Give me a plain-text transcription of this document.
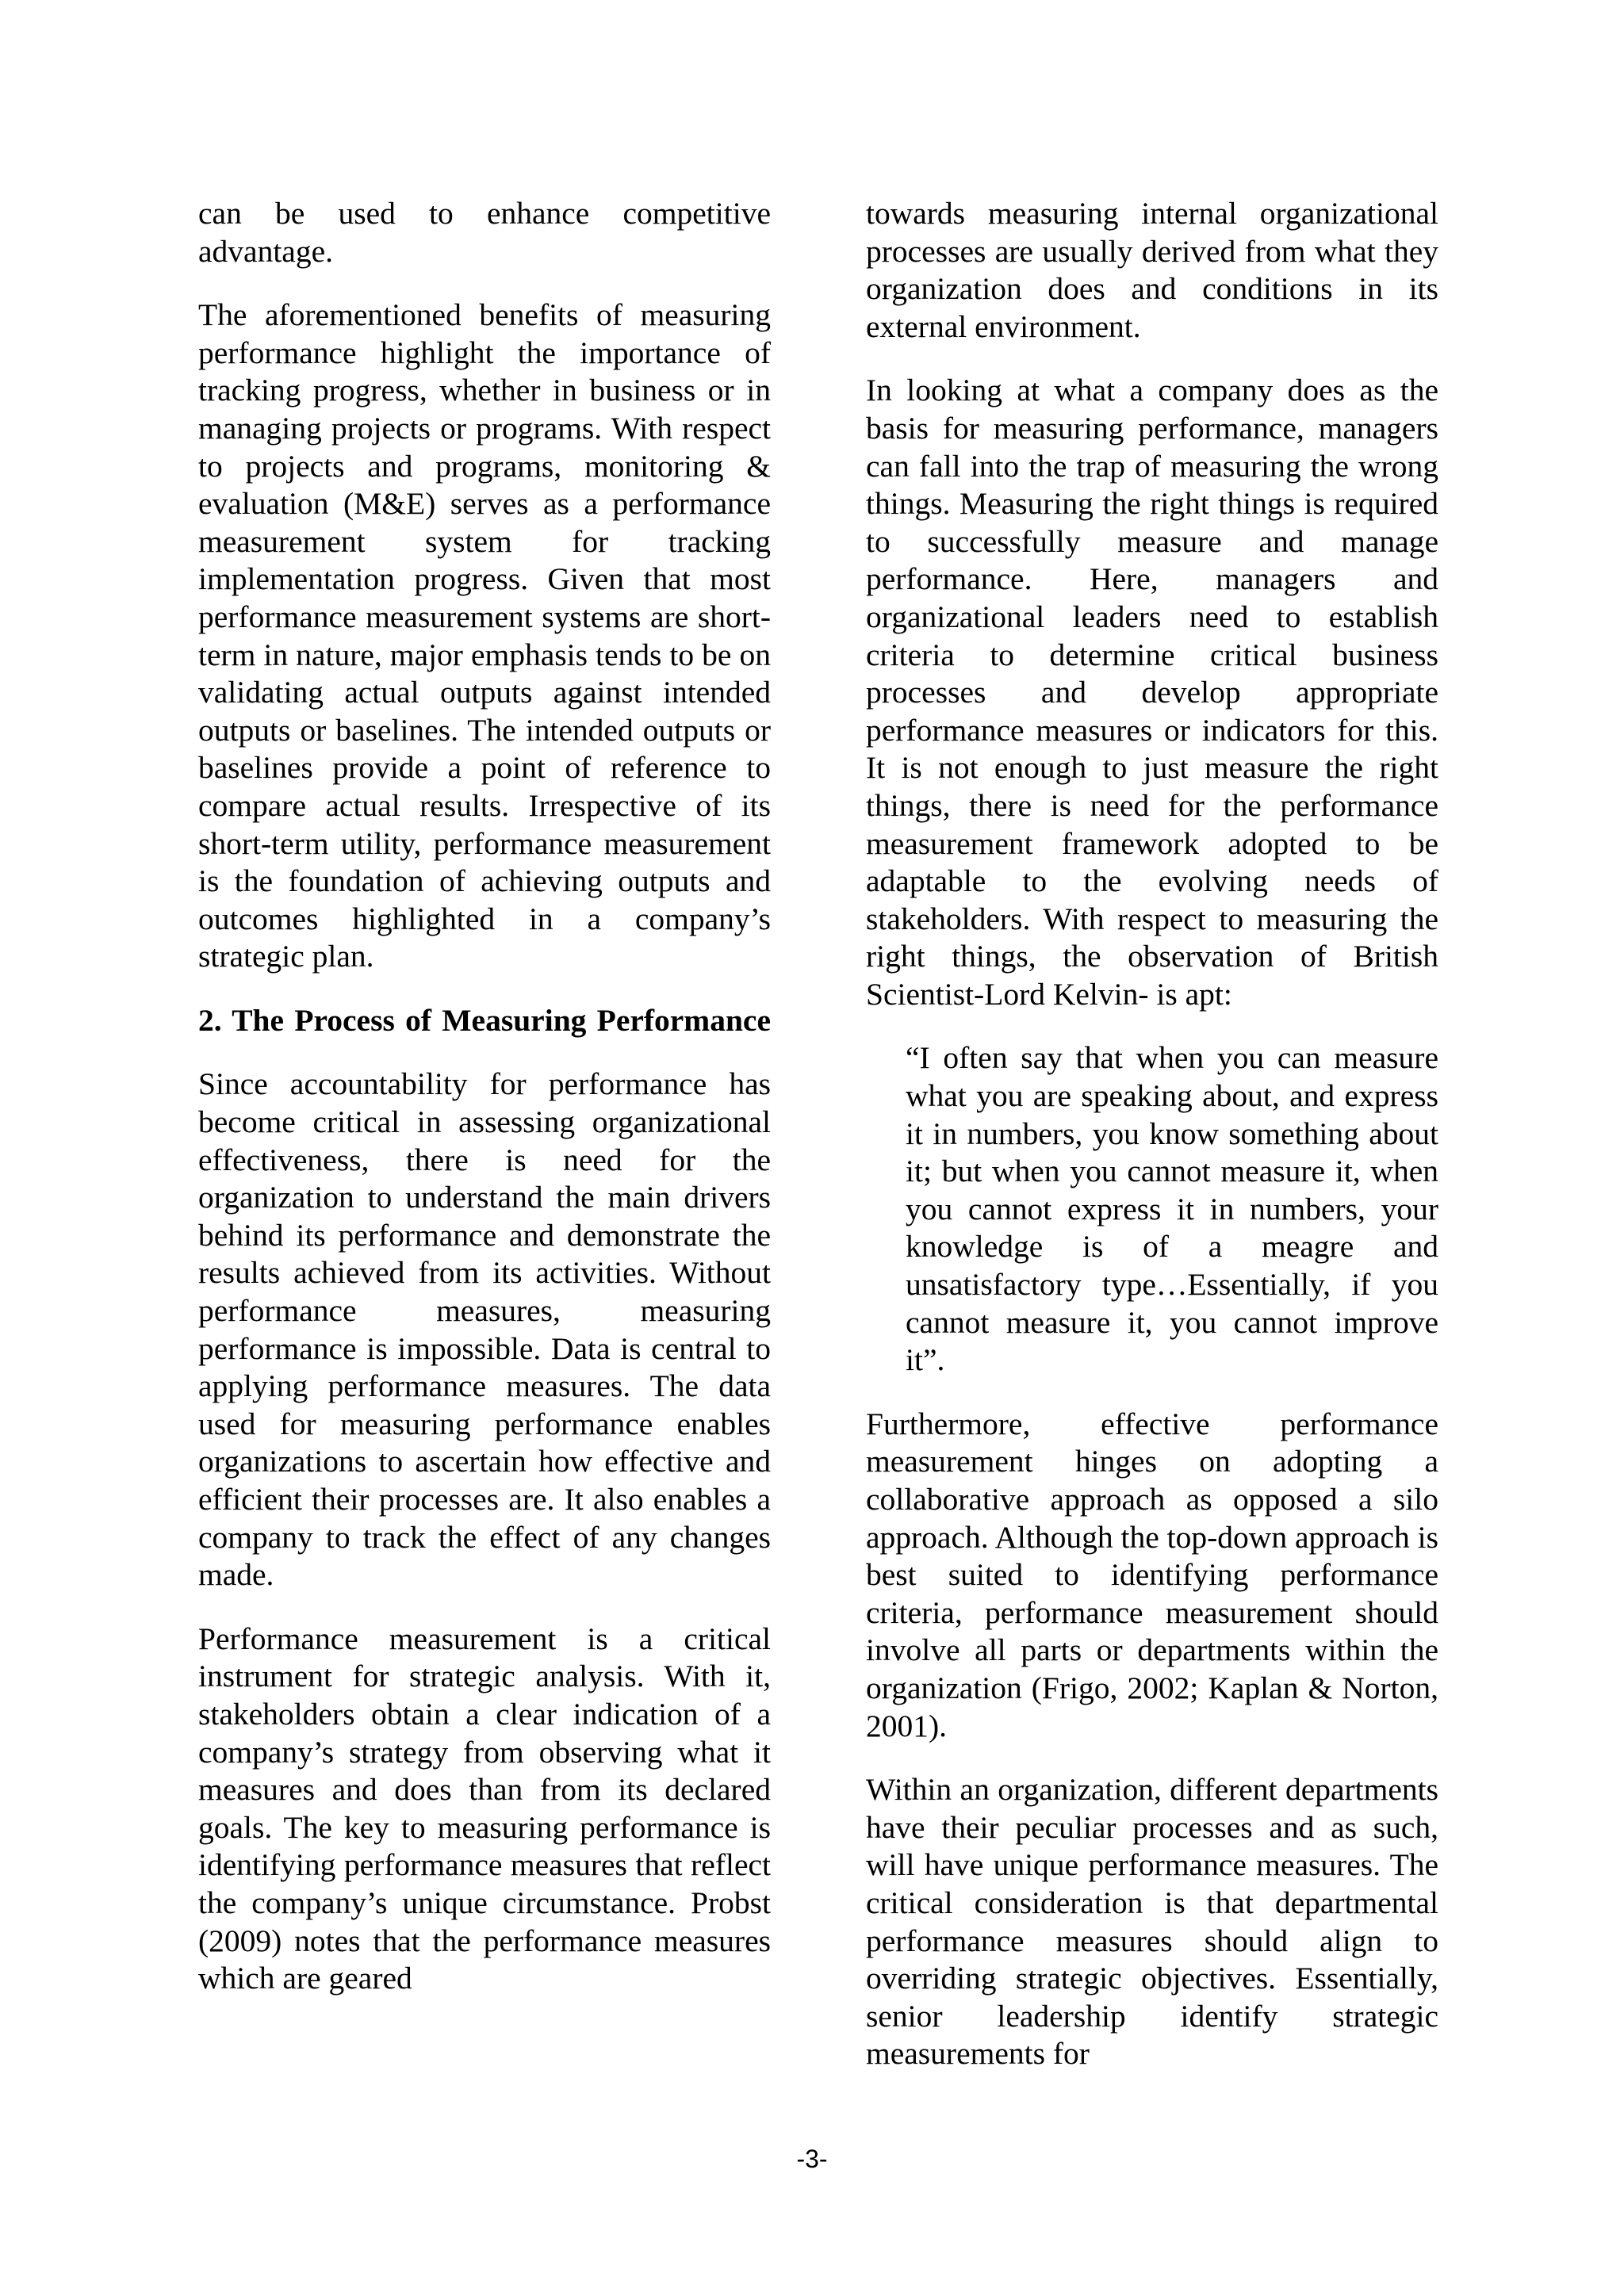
can be used to enhance competitive advantage.

The aforementioned benefits of measuring performance highlight the importance of tracking progress, whether in business or in managing projects or programs. With respect to projects and programs, monitoring & evaluation (M&E) serves as a performance measurement system for tracking implementation progress. Given that most performance measurement systems are short-term in nature, major emphasis tends to be on validating actual outputs against intended outputs or baselines. The intended outputs or baselines provide a point of reference to compare actual results. Irrespective of its short-term utility, performance measurement is the foundation of achieving outputs and outcomes highlighted in a company’s strategic plan.

2. The Process of Measuring Performance

Since accountability for performance has become critical in assessing organizational effectiveness, there is need for the organization to understand the main drivers behind its performance and demonstrate the results achieved from its activities. Without performance measures, measuring performance is impossible. Data is central to applying performance measures. The data used for measuring performance enables organizations to ascertain how effective and efficient their processes are. It also enables a company to track the effect of any changes made.

Performance measurement is a critical instrument for strategic analysis. With it, stakeholders obtain a clear indication of a company’s strategy from observing what it measures and does than from its declared goals. The key to measuring performance is identifying performance measures that reflect the company’s unique circumstance. Probst (2009) notes that the performance measures which are geared

towards measuring internal organizational processes are usually derived from what they organization does and conditions in its external environment.

In looking at what a company does as the basis for measuring performance, managers can fall into the trap of measuring the wrong things. Measuring the right things is required to successfully measure and manage performance. Here, managers and organizational leaders need to establish criteria to determine critical business processes and develop appropriate performance measures or indicators for this. It is not enough to just measure the right things, there is need for the performance measurement framework adopted to be adaptable to the evolving needs of stakeholders. With respect to measuring the right things, the observation of British Scientist-Lord Kelvin- is apt:

“I often say that when you can measure what you are speaking about, and express it in numbers, you know something about it; but when you cannot measure it, when you cannot express it in numbers, your knowledge is of a meagre and unsatisfactory type…Essentially, if you cannot measure it, you cannot improve it”.

Furthermore, effective performance measurement hinges on adopting a collaborative approach as opposed a silo approach. Although the top-down approach is best suited to identifying performance criteria, performance measurement should involve all parts or departments within the organization (Frigo, 2002; Kaplan & Norton, 2001).

Within an organization, different departments have their peculiar processes and as such, will have unique performance measures. The critical consideration is that departmental performance measures should align to overriding strategic objectives. Essentially, senior leadership identify strategic measurements for

-3-
